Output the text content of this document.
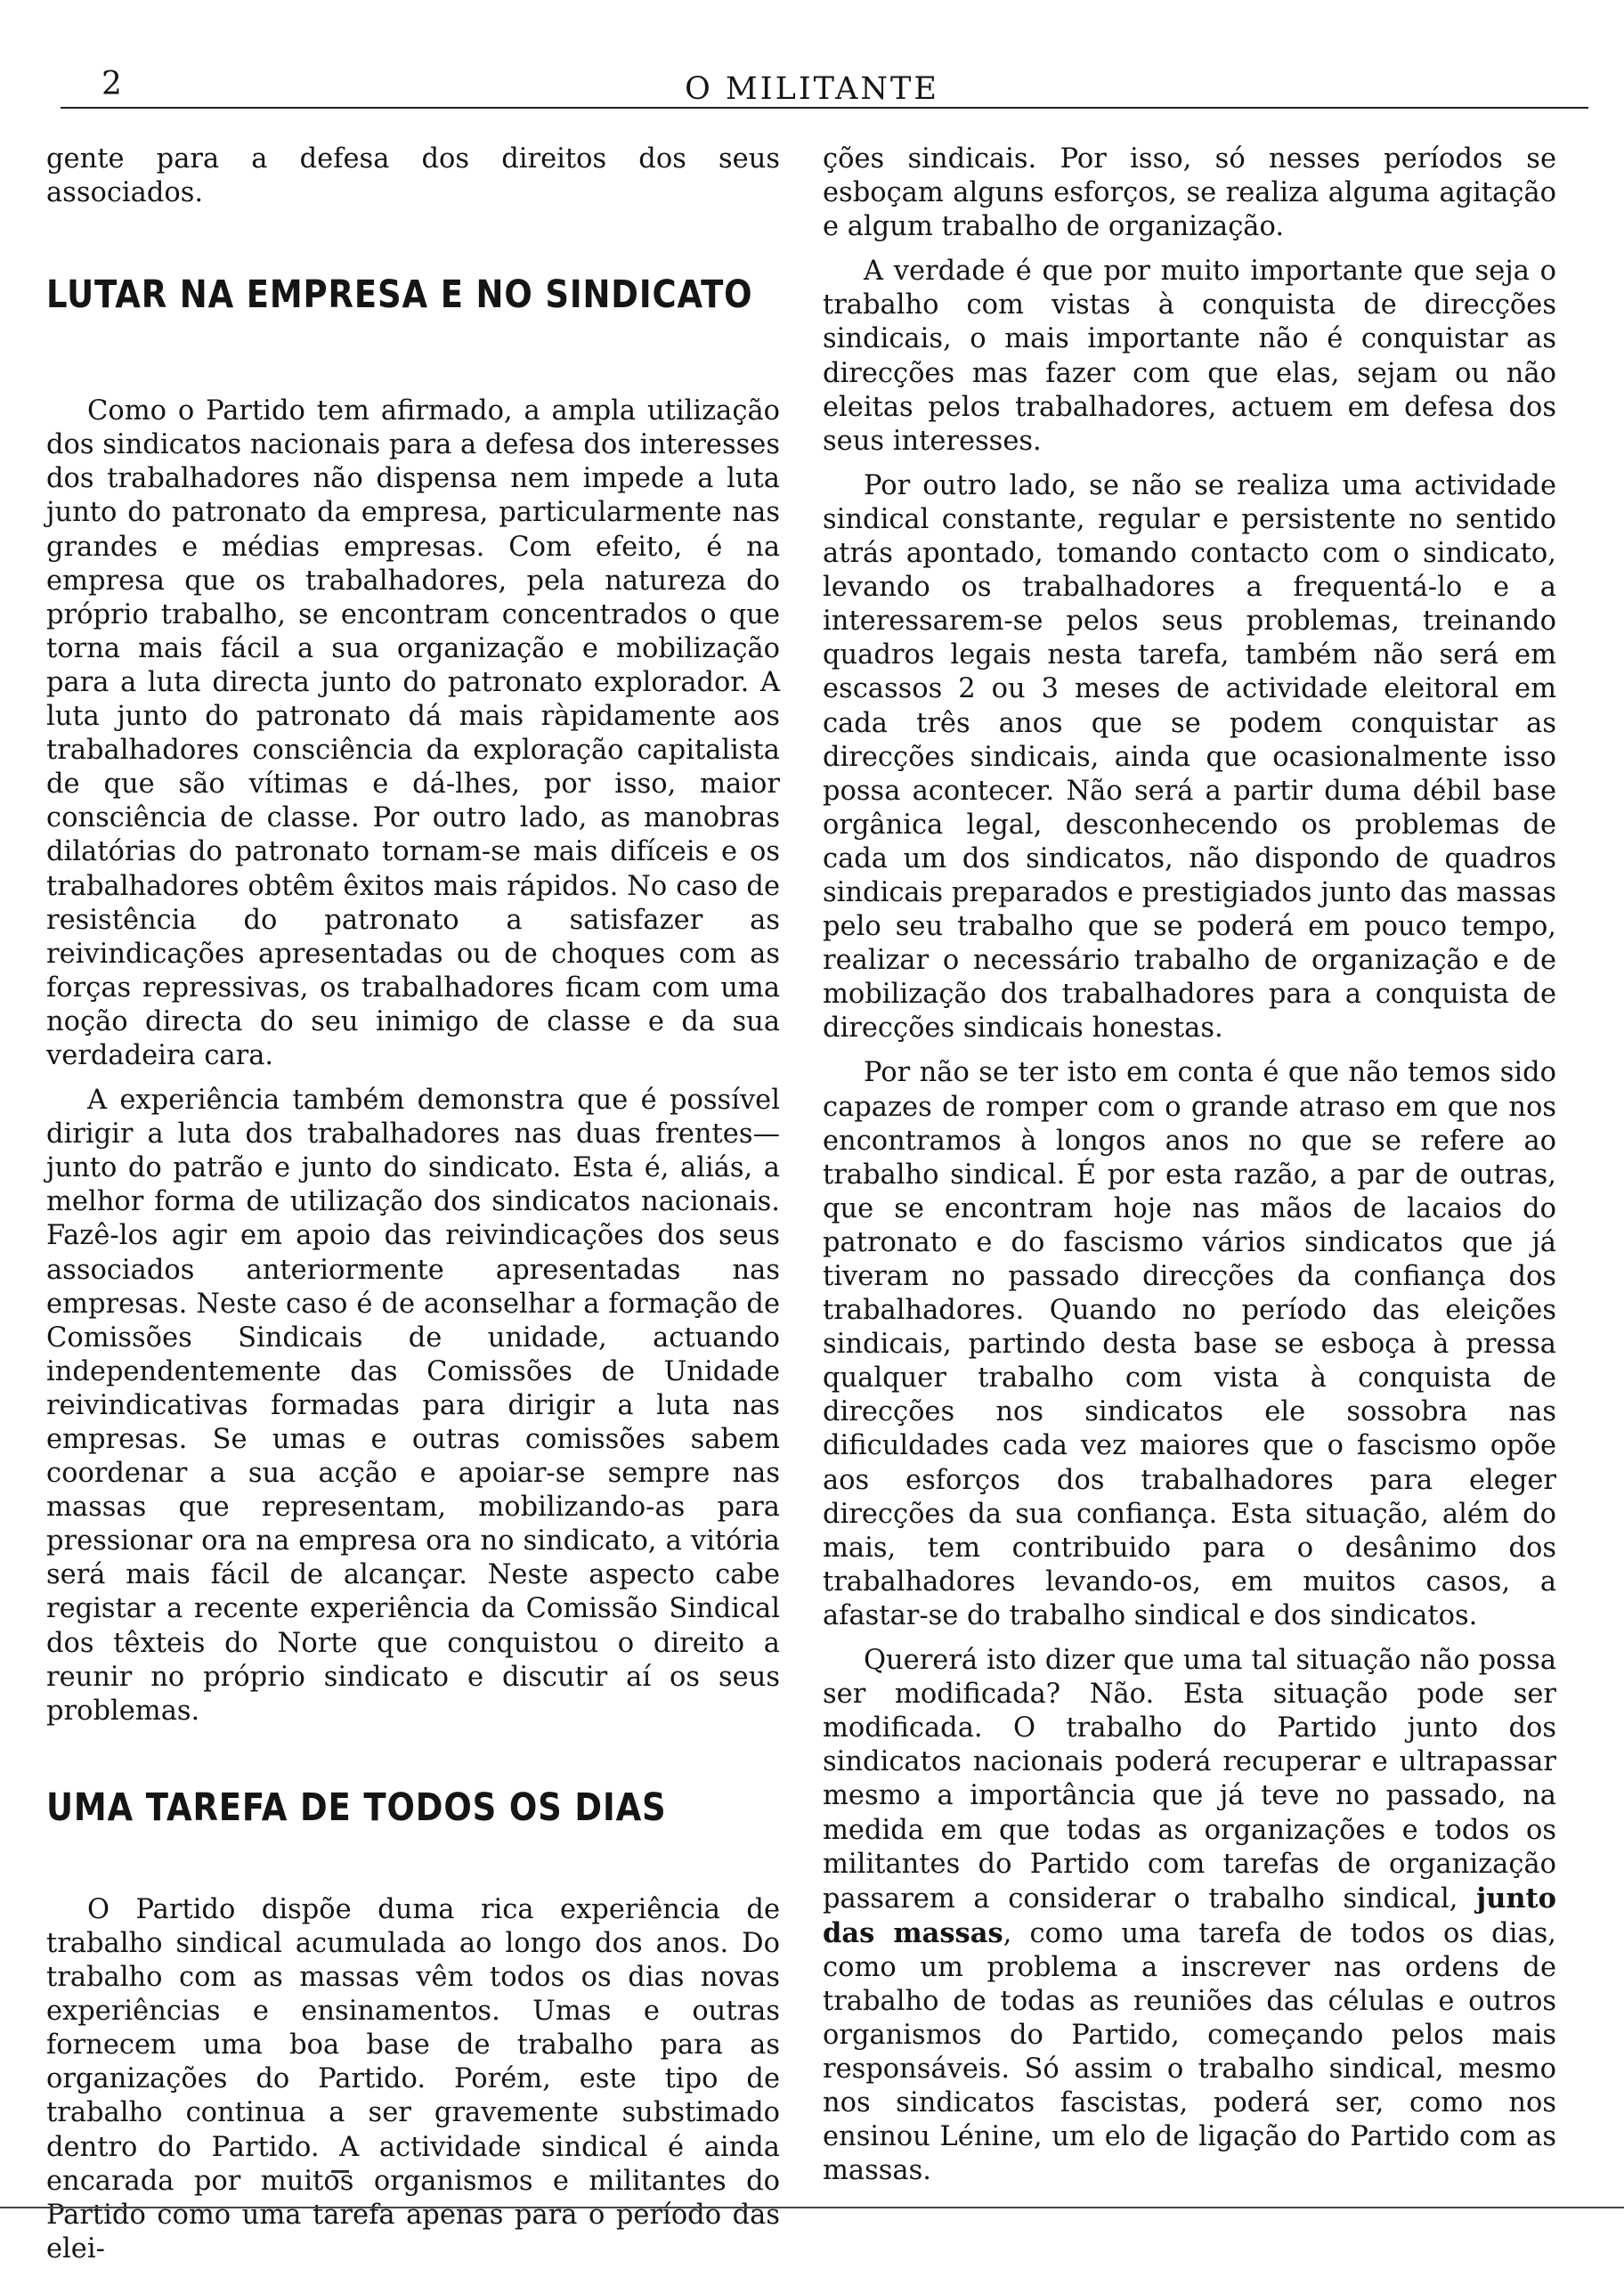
2	O MILITANTE

gente para a defesa dos direitos dos seus associados.

LUTAR NA EMPRESA E NO SINDICATO

Como o Partido tem afirmado, a ampla utilização dos sindicatos nacionais para a defesa dos interesses dos trabalhadores não dispensa nem impede a luta junto do patronato da empresa, particularmente nas grandes e médias empresas. Com efeito, é na empresa que os trabalhadores, pela natureza do próprio trabalho, se encontram concentrados o que torna mais fácil a sua organização e mobilização para a luta directa junto do patronato explorador. A luta junto do patronato dá mais ràpidamente aos trabalhadores consciência da exploração capitalista de que são vítimas e dá-lhes, por isso, maior consciência de classe. Por outro lado, as manobras dilatórias do patronato tornam-se mais difíceis e os trabalhadores obtêm êxitos mais rápidos. No caso de resistência do patronato a satisfazer as reivindicações apresentadas ou de choques com as forças repressivas, os trabalhadores ficam com uma noção directa do seu inimigo de classe e da sua verdadeira cara.

A experiência também demonstra que é possível dirigir a luta dos trabalhadores nas duas frentes—junto do patrão e junto do sindicato. Esta é, aliás, a melhor forma de utilização dos sindicatos nacionais. Fazê-los agir em apoio das reivindicações dos seus associados anteriormente apresentadas nas empresas. Neste caso é de aconselhar a formação de Comissões Sindicais de unidade, actuando independentemente das Comissões de Unidade reivindicativas formadas para dirigir a luta nas empresas. Se umas e outras comissões sabem coordenar a sua acção e apoiar-se sempre nas massas que representam, mobilizando-as para pressionar ora na empresa ora no sindicato, a vitória será mais fácil de alcançar. Neste aspecto cabe registar a recente experiência da Comissão Sindical dos têxteis do Norte que conquistou o direito a reunir no próprio sindicato e discutir aí os seus problemas.

UMA TAREFA DE TODOS OS DIAS

O Partido dispõe duma rica experiência de trabalho sindical acumulada ao longo dos anos. Do trabalho com as massas vêm todos os dias novas experiências e ensinamentos. Umas e outras fornecem uma boa base de trabalho para as organizações do Partido. Porém, este tipo de trabalho continua a ser gravemente substimado dentro do Partido. A actividade sindical é ainda encarada por muitos organismos e militantes do Partido como uma tarefa apenas para o período das elei-

ções sindicais. Por isso, só nesses períodos se esboçam alguns esforços, se realiza alguma agitação e algum trabalho de organização.

A verdade é que por muito importante que seja o trabalho com vistas à conquista de direcções sindicais, o mais importante não é conquistar as direcções mas fazer com que elas, sejam ou não eleitas pelos trabalhadores, actuem em defesa dos seus interesses.

Por outro lado, se não se realiza uma actividade sindical constante, regular e persistente no sentido atrás apontado, tomando contacto com o sindicato, levando os trabalhadores a frequentá-lo e a interessarem-se pelos seus problemas, treinando quadros legais nesta tarefa, também não será em escassos 2 ou 3 meses de actividade eleitoral em cada três anos que se podem conquistar as direcções sindicais, ainda que ocasionalmente isso possa acontecer. Não será a partir duma débil base orgânica legal, desconhecendo os problemas de cada um dos sindicatos, não dispondo de quadros sindicais preparados e prestigiados junto das massas pelo seu trabalho que se poderá em pouco tempo, realizar o necessário trabalho de organização e de mobilização dos trabalhadores para a conquista de direcções sindicais honestas.

Por não se ter isto em conta é que não temos sido capazes de romper com o grande atraso em que nos encontramos à longos anos no que se refere ao trabalho sindical. É por esta razão, a par de outras, que se encontram hoje nas mãos de lacaios do patronato e do fascismo vários sindicatos que já tiveram no passado direcções da confiança dos trabalhadores. Quando no período das eleições sindicais, partindo desta base se esboça à pressa qualquer trabalho com vista à conquista de direcções nos sindicatos ele sossobra nas dificuldades cada vez maiores que o fascismo opõe aos esforços dos trabalhadores para eleger direcções da sua confiança. Esta situação, além do mais, tem contribuido para o desânimo dos trabalhadores levando-os, em muitos casos, a afastar-se do trabalho sindical e dos sindicatos.

Quererá isto dizer que uma tal situação não possa ser modificada? Não. Esta situação pode ser modificada. O trabalho do Partido junto dos sindicatos nacionais poderá recuperar e ultrapassar mesmo a importância que já teve no passado, na medida em que todas as organizações e todos os militantes do Partido com tarefas de organização passarem a considerar o trabalho sindical, junto das massas, como uma tarefa de todos os dias, como um problema a inscrever nas ordens de trabalho de todas as reuniões das células e outros organismos do Partido, começando pelos mais responsáveis. Só assim o trabalho sindical, mesmo nos sindicatos fascistas, poderá ser, como nos ensinou Lénine, um elo de ligação do Partido com as massas.
